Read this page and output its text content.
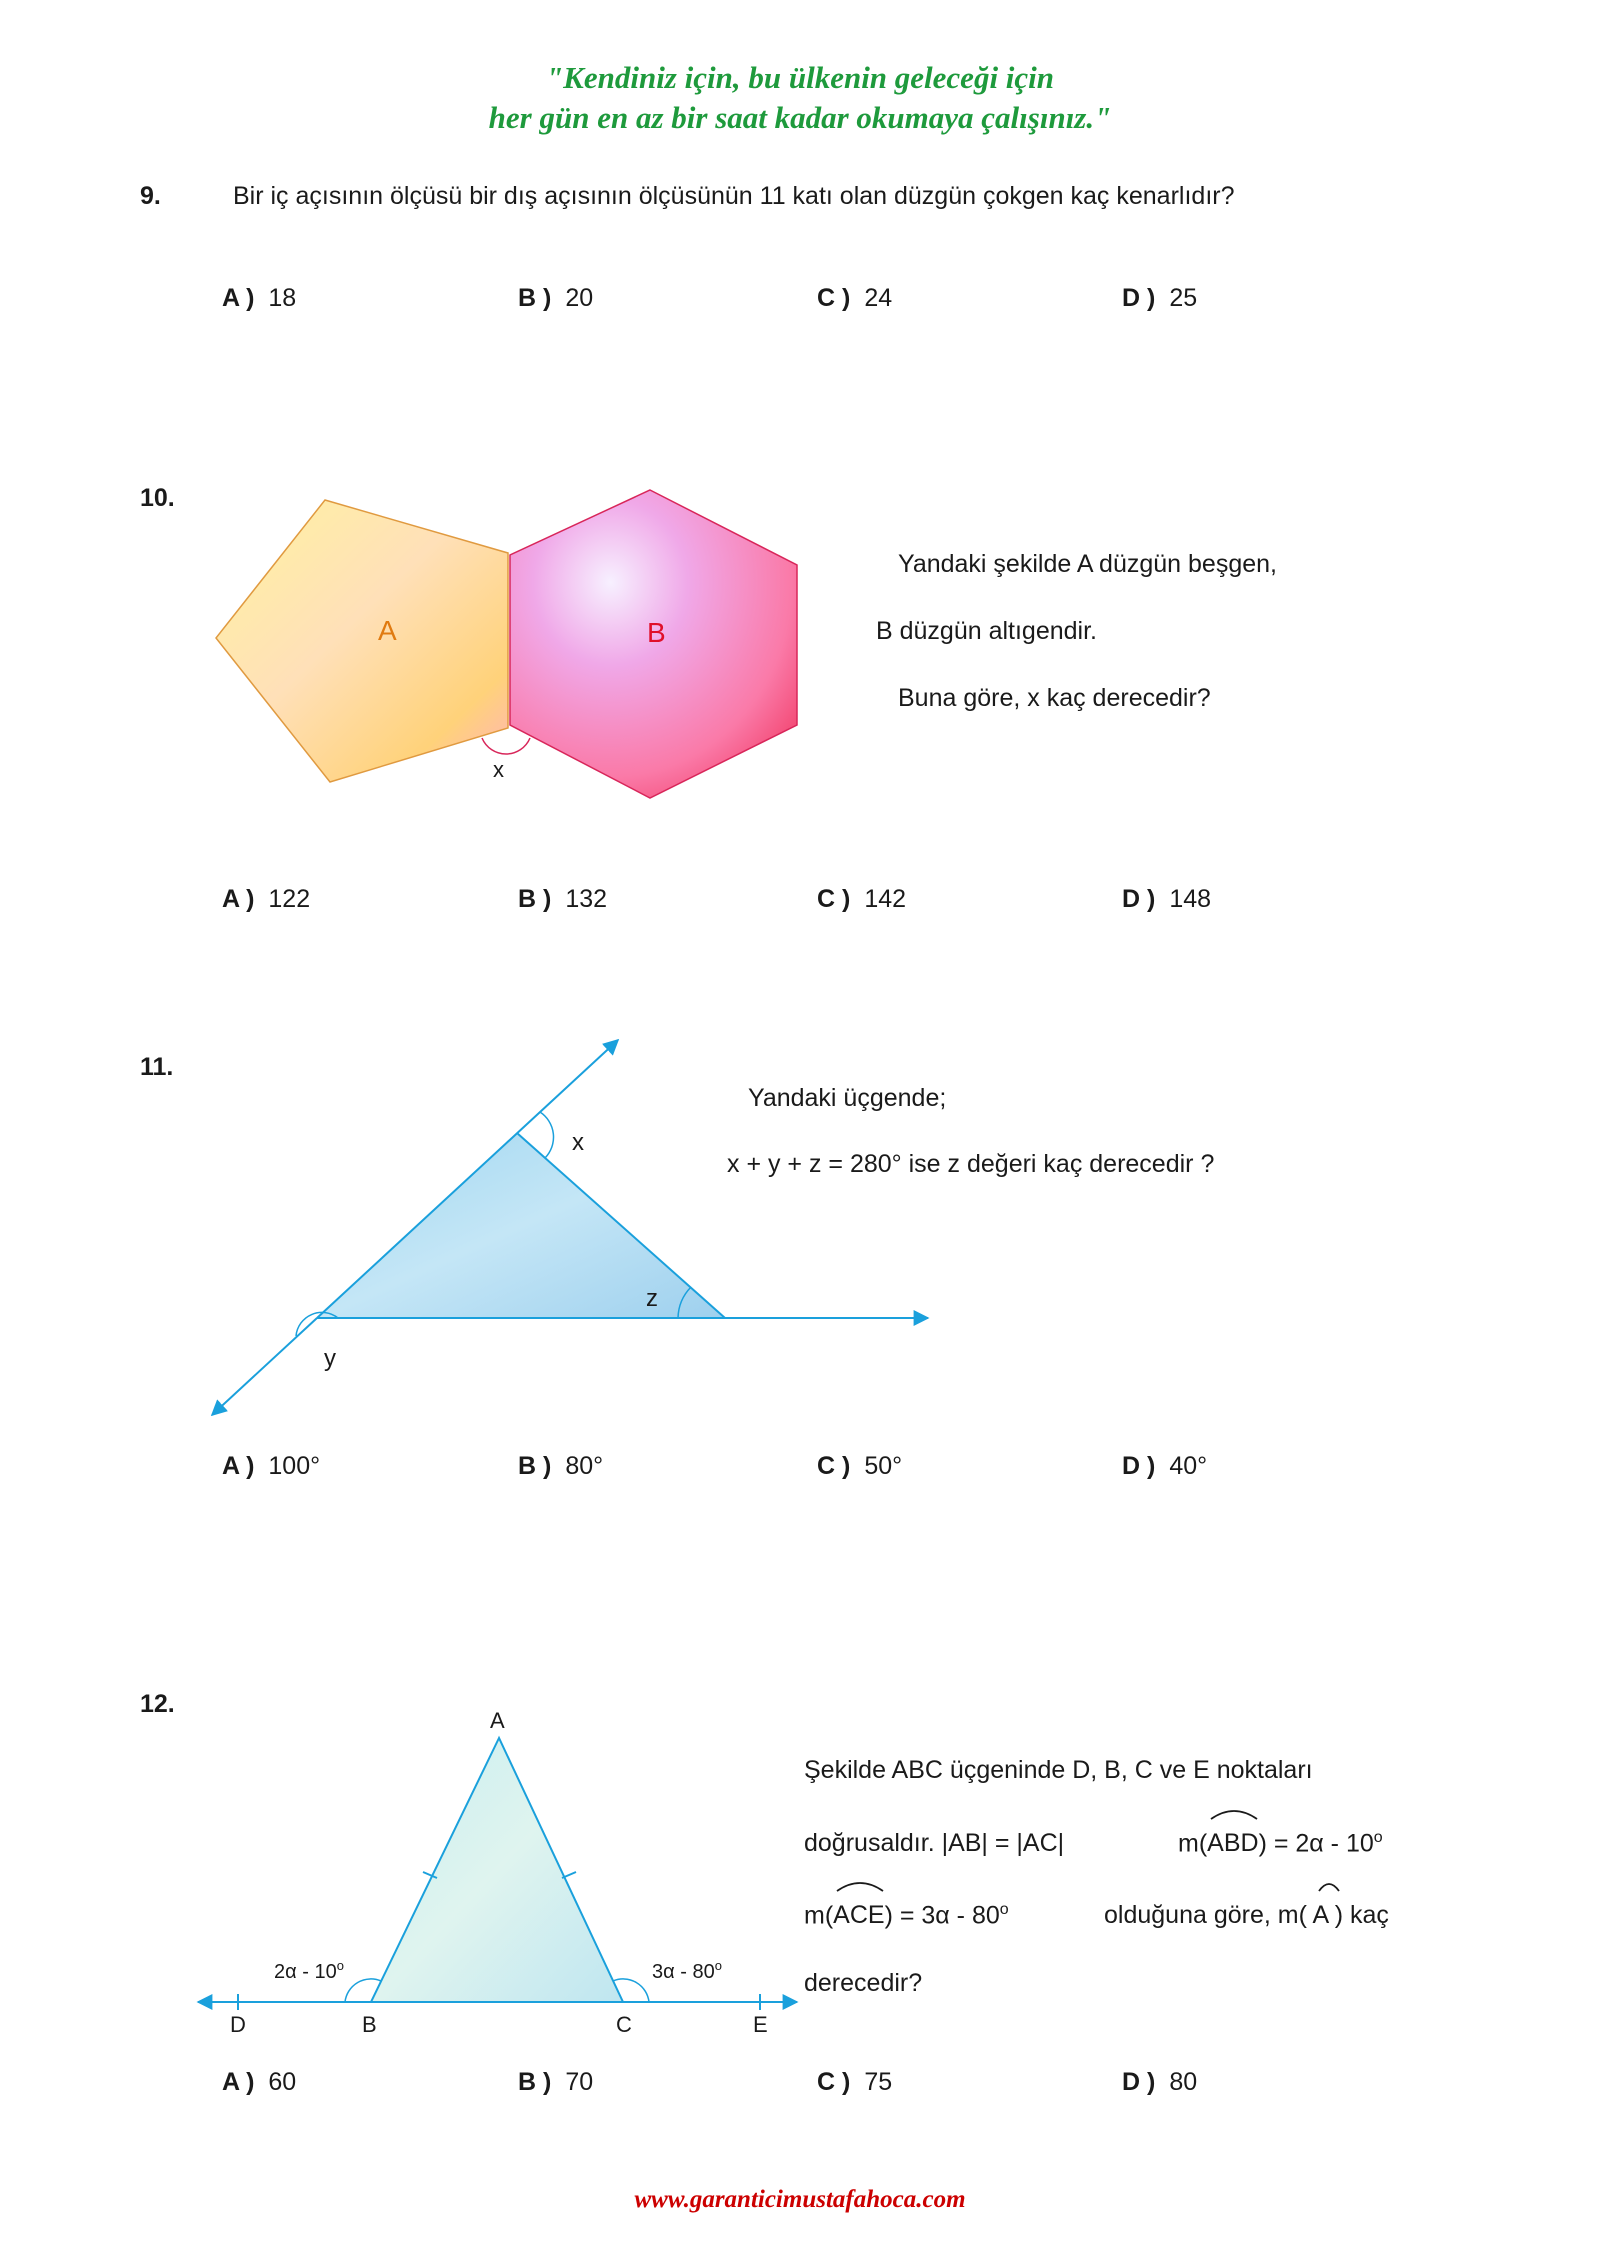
"Kendiniz için, bu ülkenin geleceği için
her gün en az bir saat kadar okumaya çalışınız."
9.	Bir iç açısının ölçüsü bir dış açısının ölçüsünün 11 katı olan düzgün çokgen kaç kenarlıdır?
A ) 18	B ) 20	C ) 24	D ) 25
10.
A	B
x
Yandaki şekilde A düzgün beşgen,
B düzgün altıgendir.
Buna göre, x kaç derecedir?
A ) 122	B ) 132	C ) 142	D ) 148
11.
x
y
z
Yandaki üçgende;
x + y + z = 280° ise z değeri kaç derecedir ?
A ) 100°	B ) 80°	C ) 50°	D ) 40°
12.
A
D	B	C	E
2α - 10$^o$	3α - 80$^o$
Şekilde ABC üçgeninde D, B, C ve E noktaları
doğrusaldır. |AB| = |AC|	m(
ABD) = 2α - 10$^o$
m(
ACE) = 3α - 80$^o$	olduğuna göre, m(
A ) kaç
derecedir?
A ) 60	B ) 70	C ) 75	D ) 80
www.garanticimustafahoca.com
